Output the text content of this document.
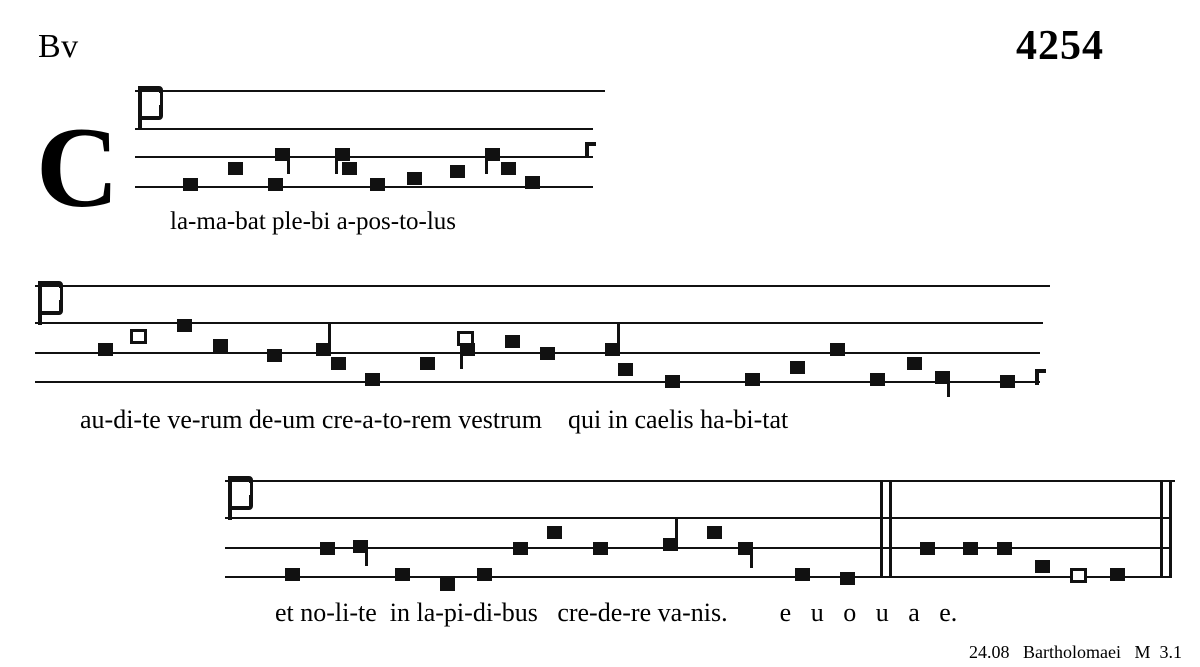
Bv	4254
C la-ma-bat ple-bi a-pos-to-lus
au-di-te ve-rum de-um cre-a-to-rem vestrum    qui in caelis ha-bi-tat
et no-li-te  in la-pi-di-bus   cre-de-re va-nis.        e   u   o   u   a   e.
24.08   Bartholomaei   M  3.1
